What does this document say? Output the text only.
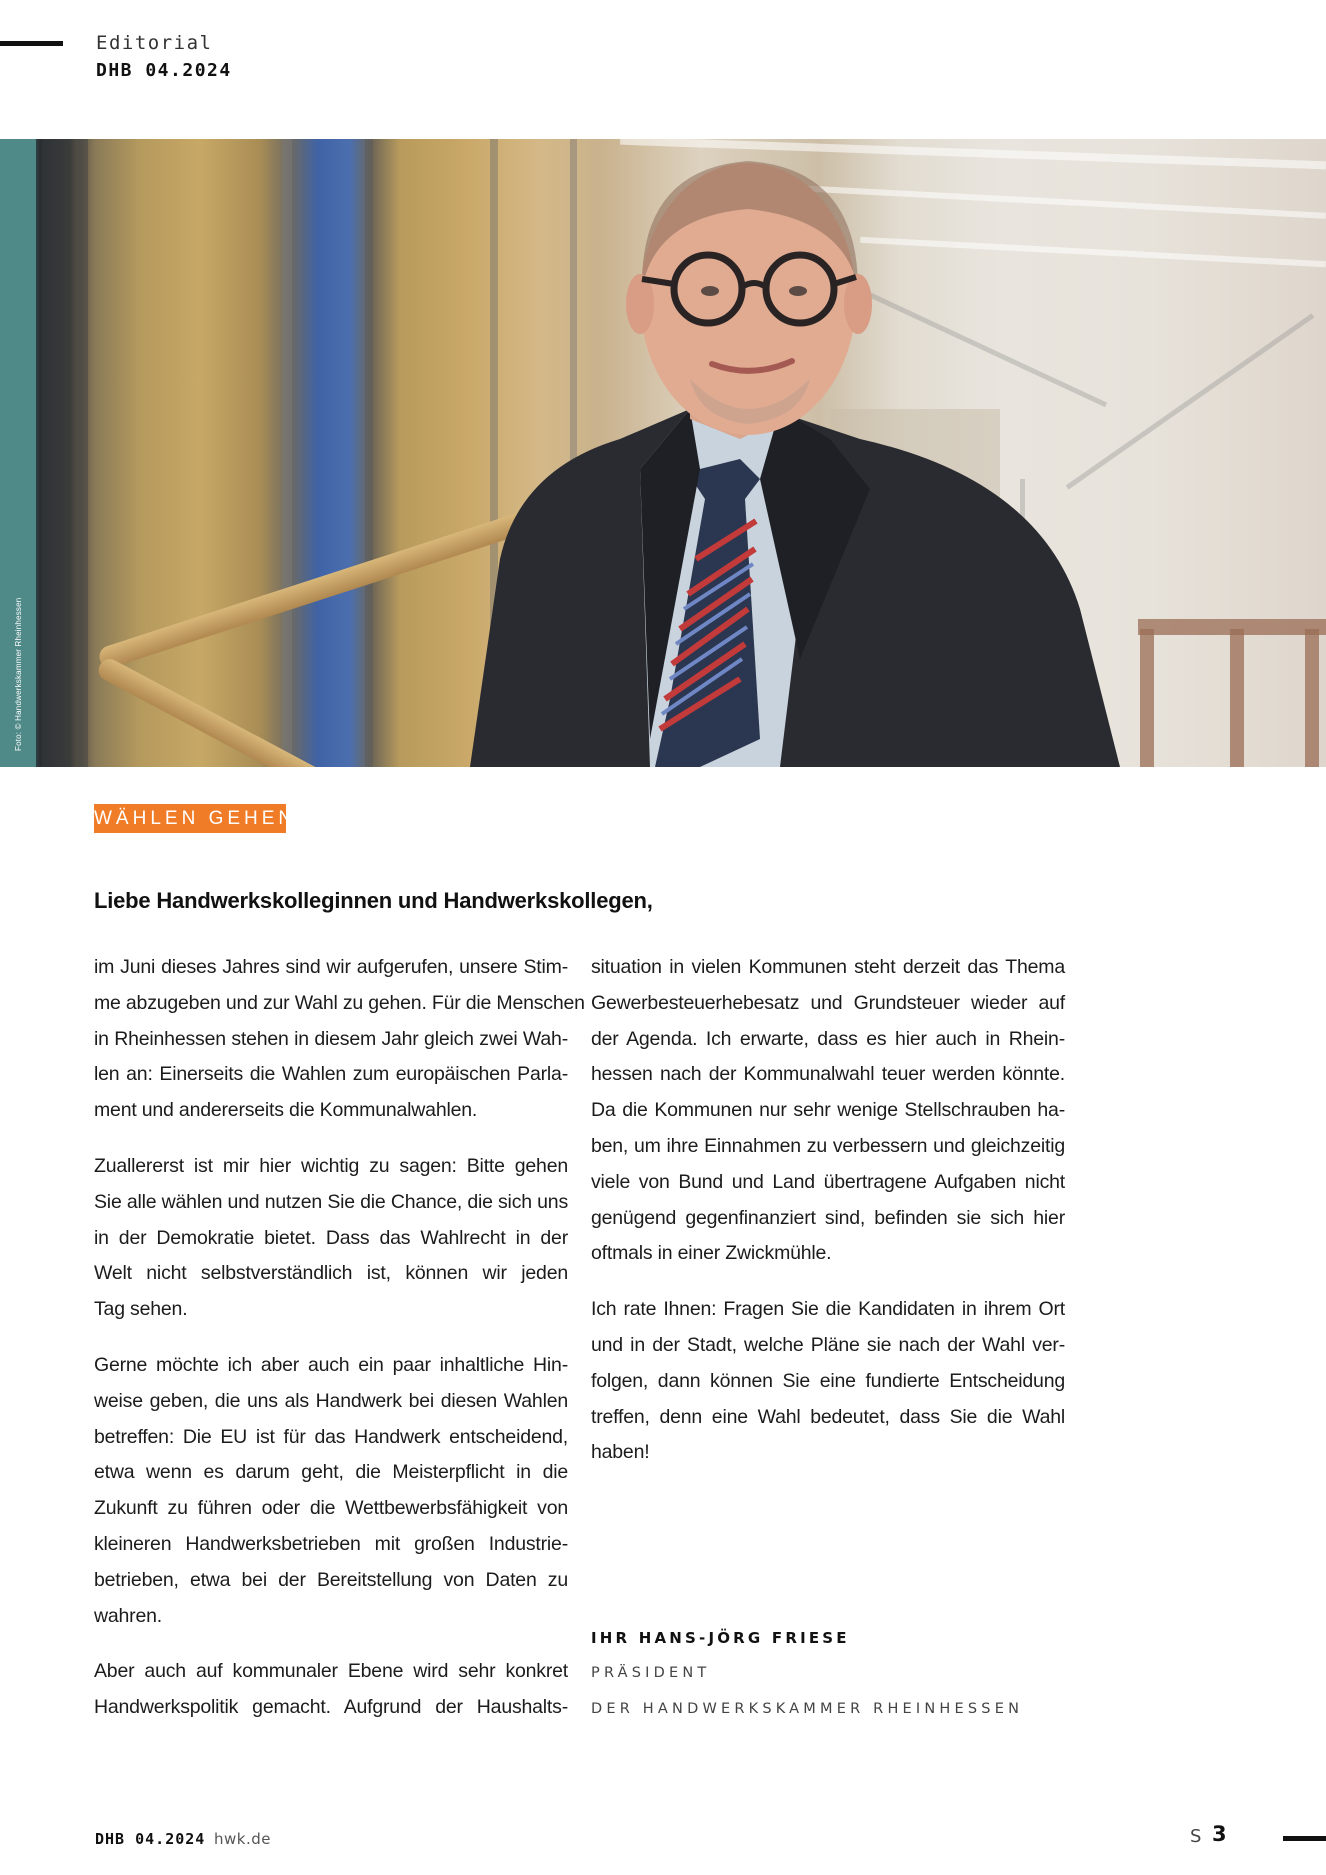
Editorial
DHB 04.2024
Foto: © Handwerkskammer Rheinhessen
WÄHLEN GEHEN!
Liebe Handwerkskolleginnen und Handwerkskollegen,

im Juni dieses Jahres sind wir aufgerufen, unsere Stim-
me abzugeben und zur Wahl zu gehen. Für die Menschen
in Rheinhessen stehen in diesem Jahr gleich zwei Wah-
len an: Einerseits die Wahlen zum europäischen Parla-
ment und andererseits die Kommunalwahlen.

Zuallererst ist mir hier wichtig zu sagen: Bitte gehen
Sie alle wählen und nutzen Sie die Chance, die sich uns
in der Demokratie bietet. Dass das Wahlrecht in der
Welt nicht selbstverständlich ist, können wir jeden
Tag sehen.

Gerne möchte ich aber auch ein paar inhaltliche Hin-
weise geben, die uns als Handwerk bei diesen Wahlen
betreffen: Die EU ist für das Handwerk entscheidend,
etwa wenn es darum geht, die Meisterpflicht in die
Zukunft zu führen oder die Wettbewerbsfähigkeit von
kleineren Handwerksbetrieben mit großen Industrie-
betrieben, etwa bei der Bereitstellung von Daten zu
wahren.

Aber auch auf kommunaler Ebene wird sehr konkret
Handwerkspolitik gemacht. Aufgrund der Haushalts-

situation in vielen Kommunen steht derzeit das Thema
Gewerbesteuerhebesatz und Grundsteuer wieder auf
der Agenda. Ich erwarte, dass es hier auch in Rhein-
hessen nach der Kommunalwahl teuer werden könnte.
Da die Kommunen nur sehr wenige Stellschrauben ha-
ben, um ihre Einnahmen zu verbessern und gleichzeitig
viele von Bund und Land übertragene Aufgaben nicht
genügend gegenfinanziert sind, befinden sie sich hier
oftmals in einer Zwickmühle.

Ich rate Ihnen: Fragen Sie die Kandidaten in ihrem Ort
und in der Stadt, welche Pläne sie nach der Wahl ver-
folgen, dann können Sie eine fundierte Entscheidung
treffen, denn eine Wahl bedeutet, dass Sie die Wahl
haben!

IHR HANS-JÖRG FRIESE
PRÄSIDENT
DER HANDWERKSKAMMER RHEINHESSEN
DHB 04.2024 hwk.de	S 3
